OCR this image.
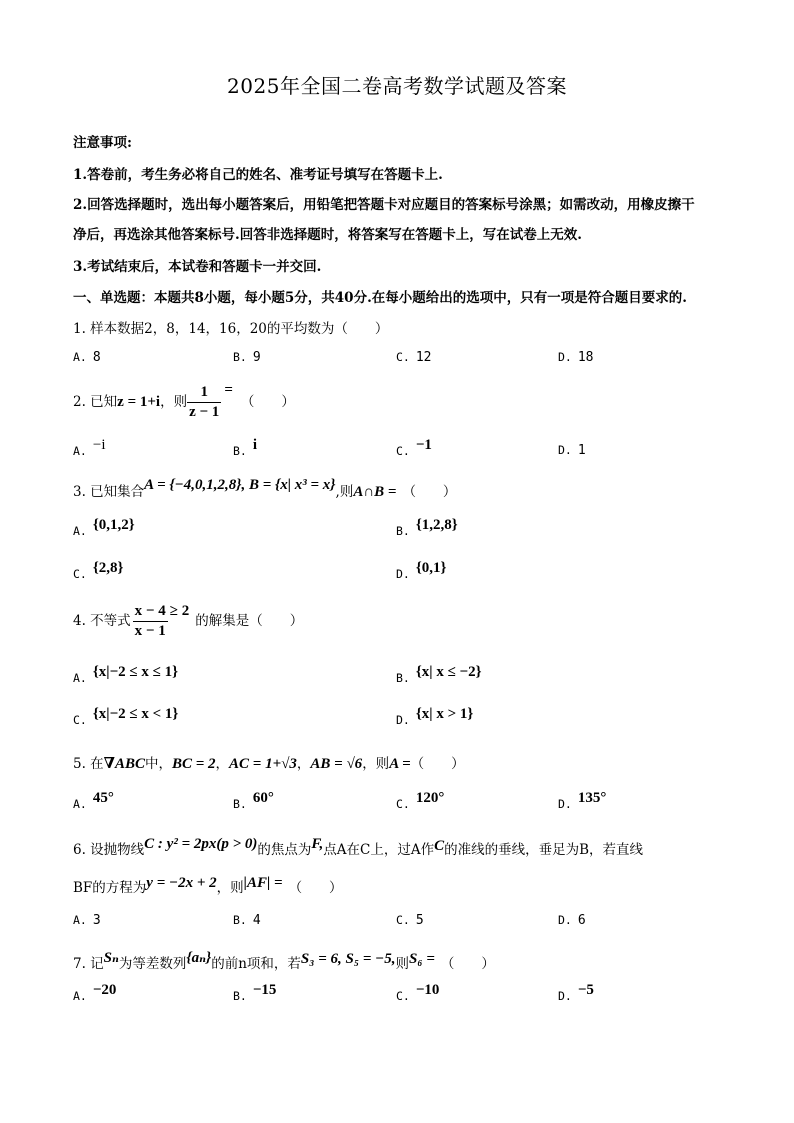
2025年全国二卷高考数学试题及答案
注意事项:
1.答卷前，考生务必将自己的姓名、准考证号填写在答题卡上.
2.回答选择题时，选出每小题答案后，用铅笔把答题卡对应题目的答案标号涂黑；如需改动，用橡皮擦干
净后，再选涂其他答案标号.回答非选择题时，将答案写在答题卡上，写在试卷上无效.
3.考试结束后，本试卷和答题卡一并交回.
一、单选题：本题共8小题，每小题5分，共40分.在每小题给出的选项中，只有一项是符合题目要求的.
1. 样本数据2，8，14，16，20的平均数为（　　）
A. 8	B. 9	C. 12	D. 18
2. 已知z = 1+i，则 $\frac{1}{z - 1}$ =（　　）
A. −i	B. i	C. −1	D. 1
3. 已知集合A = {−4,0,1,2,8}, B = {x| x³ = x},则A∩B = （　　）
A. {0,1,2}	B. {1,2,8}
C. {2,8}	D. {0,1}
4. 不等式 $\frac{x - 4}{x - 1} \ge 2$的解集是（　　）
A. {x|−2 ≤ x ≤ 1}	B. {x| x ≤ −2}
C. {x|−2 ≤ x < 1}	D. {x| x > 1}
5. 在∇ABC中，BC = 2，AC = 1+√3，AB = √6，则A =（　　）
A. 45°	B. 60°	C. 120°	D. 135°
6. 设抛物线C : y² = 2px(p > 0)的焦点为F,点A在C上，过A作C的准线的垂线，垂足为B，若直线
BF的方程为y = −2x + 2，则|AF| = （　　）
A. 3	B. 4	C. 5	D. 6
7. 记Sₙ为等差数列{aₙ}的前n项和，若S₃ = 6, S₅ = −5,则S₆ = （　　）
A. −20	B. −15	C. −10	D. −5
